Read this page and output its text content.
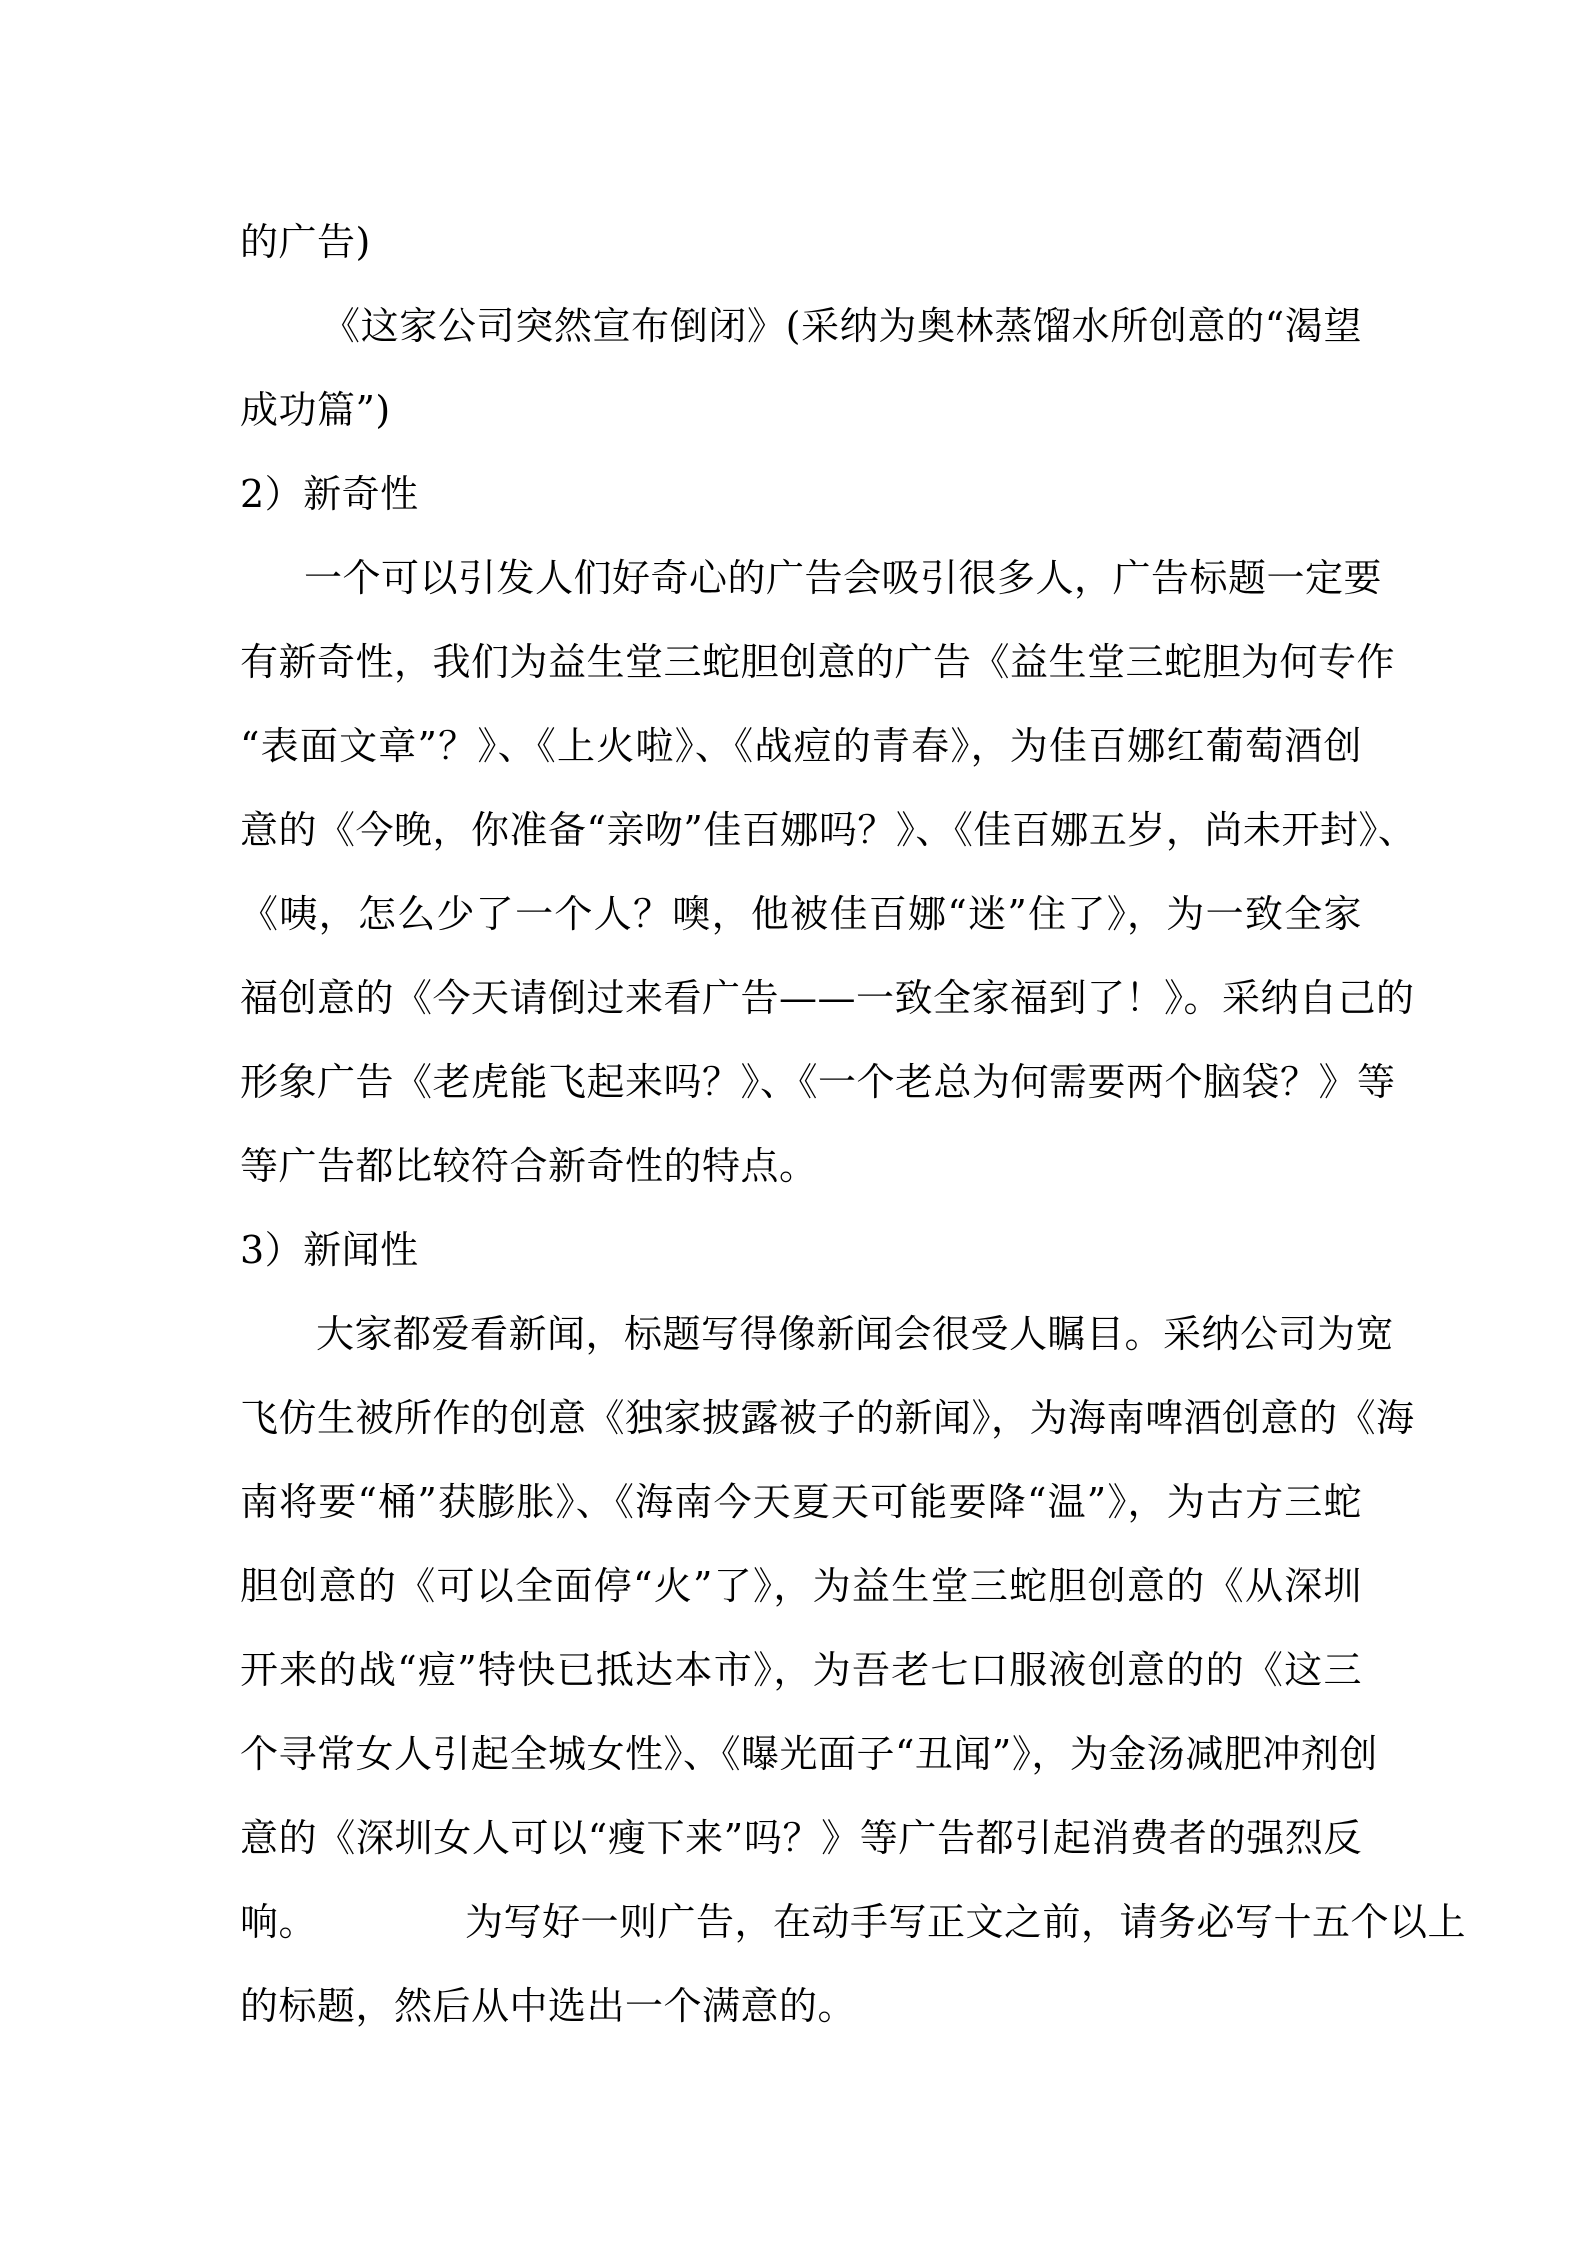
的广告)
《这家公司突然宣布倒闭》(采纳为奥林蒸馏水所创意的“渴望
成功篇”)
2）新奇性
一个可以引发人们好奇心的广告会吸引很多人，广告标题一定要
有新奇性，我们为益生堂三蛇胆创意的广告《益生堂三蛇胆为何专作
“表面文章”？》、《上火啦》、《战痘的青春》，为佳百娜红葡萄酒创
意的《今晚，你准备“亲吻”佳百娜吗？》、《佳百娜五岁，尚未开封》、
《咦，怎么少了一个人？噢，他被佳百娜“迷”住了》，为一致全家
福创意的《今天请倒过来看广告——一致全家福到了！》。采纳自己的
形象广告《老虎能飞起来吗？》、《一个老总为何需要两个脑袋？》等
等广告都比较符合新奇性的特点。
3）新闻性
大家都爱看新闻，标题写得像新闻会很受人瞩目。采纳公司为宽
飞仿生被所作的创意《独家披露被子的新闻》，为海南啤酒创意的《海
南将要“桶”获膨胀》、《海南今天夏天可能要降“温”》，为古方三蛇
胆创意的《可以全面停“火”了》，为益生堂三蛇胆创意的《从深圳
开来的战“痘”特快已抵达本市》，为吾老七口服液创意的的《这三
个寻常女人引起全城女性》、《曝光面子“丑闻”》，为金汤减肥冲剂创
意的《深圳女人可以“瘦下来”吗？》等广告都引起消费者的强烈反
响。	为写好一则广告，在动手写正文之前，请务必写十五个以上
的标题，然后从中选出一个满意的。
